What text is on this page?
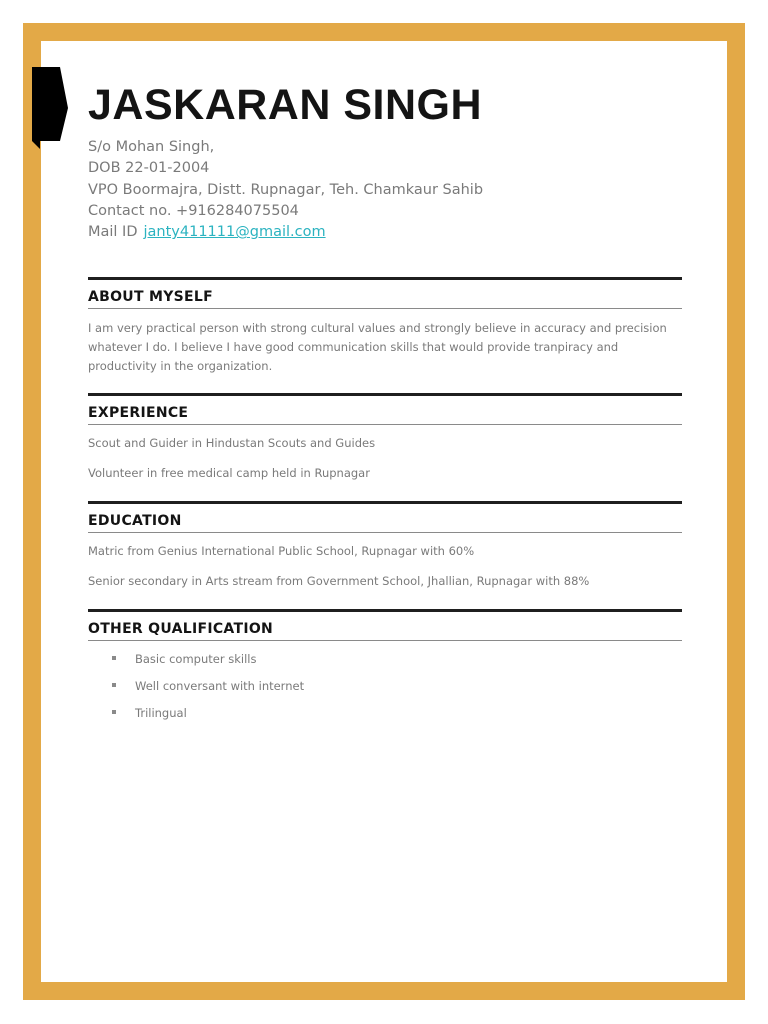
JASKARAN SINGH
S/o Mohan Singh,
DOB 22-01-2004
VPO Boormajra, Distt. Rupnagar, Teh. Chamkaur Sahib
Contact no. +916284075504
Mail ID janty411111@gmail.com
ABOUT MYSELF

I am very practical person with strong cultural values and strongly believe in accuracy and precision whatever I do. I believe I have good communication skills that would provide tranpiracy and productivity in the organization.

EXPERIENCE

Scout and Guider in Hindustan Scouts and Guides

Volunteer in free medical camp held in Rupnagar

EDUCATION

Matric from Genius International Public School, Rupnagar with 60%

Senior secondary in Arts stream from Government School, Jhallian, Rupnagar with 88%

OTHER QUALIFICATION
Basic computer skills
Well conversant with internet
Trilingual
